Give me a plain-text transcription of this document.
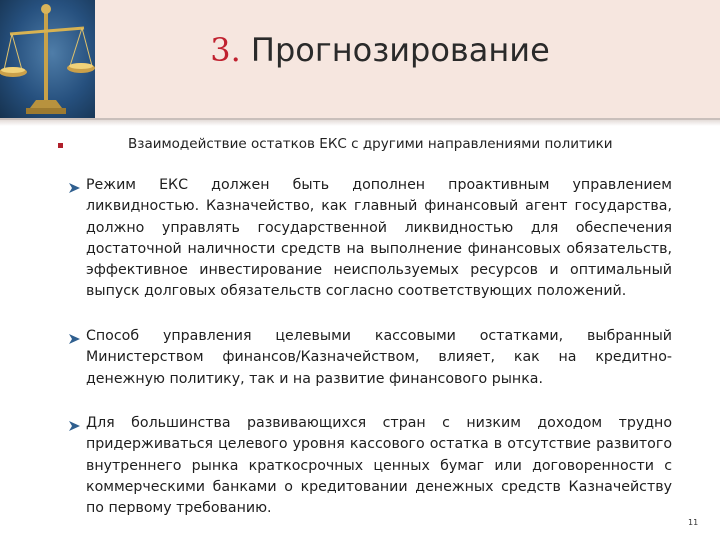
3. Прогнозирование
Взаимодействие остатков ЕКС с другими направлениями политики
Режим ЕКС должен быть дополнен проактивным управлением ликвидностью. Казначейство, как главный финансовый агент государства, должно управлять государственной ликвидностью для обеспечения достаточной наличности средств на выполнение финансовых обязательств, эффективное инвестирование неиспользуемых ресурсов и оптимальный выпуск долговых обязательств согласно соответствующих положений.
Способ управления целевыми кассовыми остатками, выбранный Министерством финансов/Казначейством, влияет, как на кредитно-денежную политику, так и на развитие финансового рынка.
Для большинства развивающихся стран с низким доходом трудно придерживаться целевого уровня кассового остатка в отсутствие развитого внутреннего рынка краткосрочных ценных бумаг или договоренности с коммерческими банками о кредитовании денежных средств Казначейству по первому требованию.
11
